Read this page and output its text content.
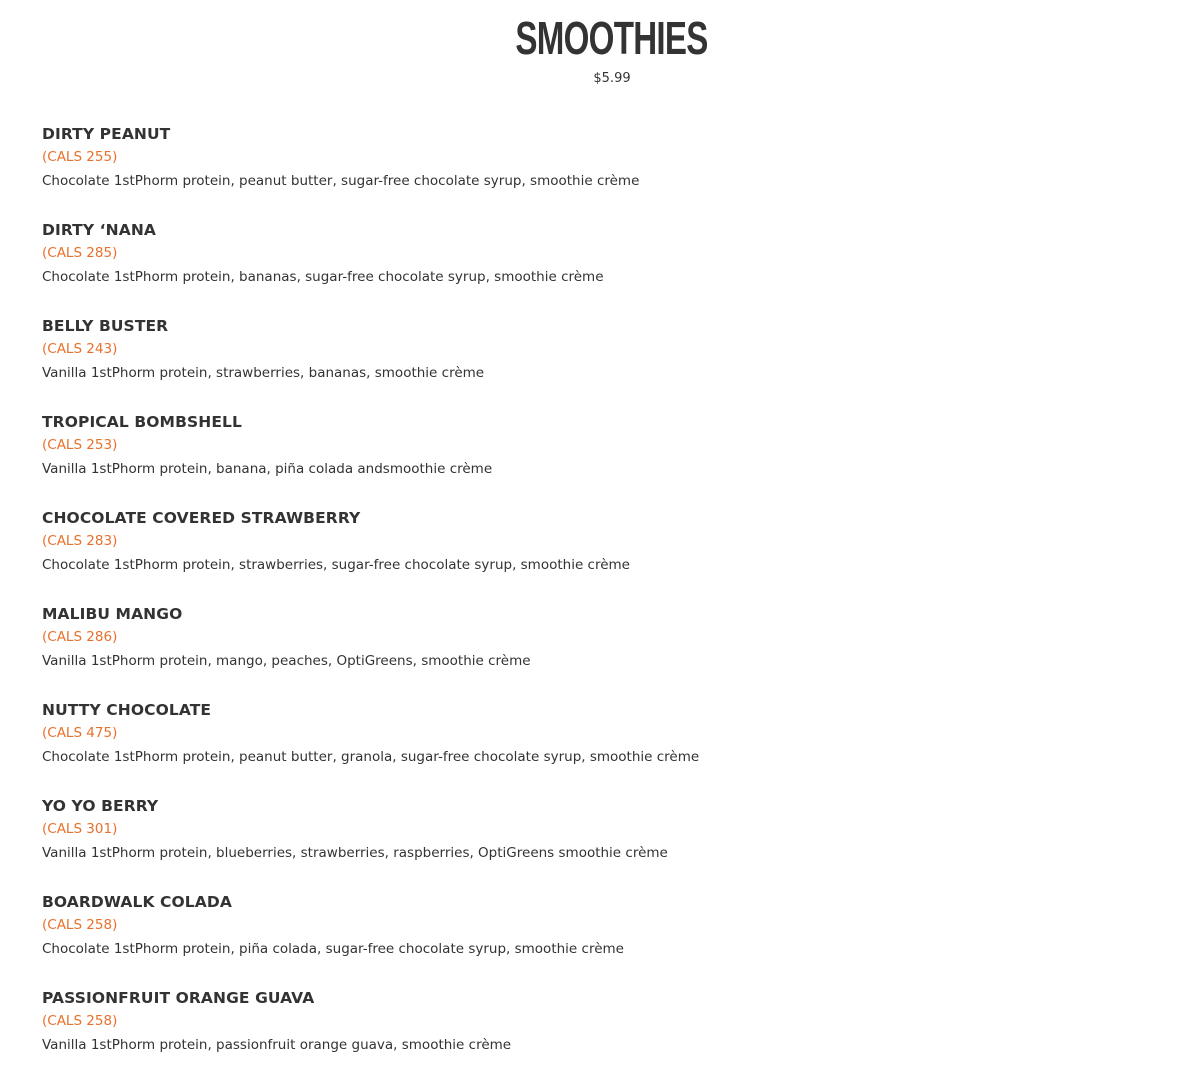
SMOOTHIES
$5.99
DIRTY PEANUT
(CALS 255)
Chocolate 1stPhorm protein, peanut butter, sugar-free chocolate syrup, smoothie crème
DIRTY ‘NANA
(CALS 285)
Chocolate 1stPhorm protein, bananas, sugar-free chocolate syrup, smoothie crème
BELLY BUSTER
(CALS 243)
Vanilla 1stPhorm protein, strawberries, bananas, smoothie crème
TROPICAL BOMBSHELL
(CALS 253)
Vanilla 1stPhorm protein, banana, piña colada andsmoothie crème
CHOCOLATE COVERED STRAWBERRY
(CALS 283)
Chocolate 1stPhorm protein, strawberries, sugar-free chocolate syrup, smoothie crème
MALIBU MANGO
(CALS 286)
Vanilla 1stPhorm protein, mango, peaches, OptiGreens, smoothie crème
NUTTY CHOCOLATE
(CALS 475)
Chocolate 1stPhorm protein, peanut butter, granola, sugar-free chocolate syrup, smoothie crème
YO YO BERRY
(CALS 301)
Vanilla 1stPhorm protein, blueberries, strawberries, raspberries, OptiGreens smoothie crème
BOARDWALK COLADA
(CALS 258)
Chocolate 1stPhorm protein, piña colada, sugar-free chocolate syrup, smoothie crème
PASSIONFRUIT ORANGE GUAVA
(CALS 258)
Vanilla 1stPhorm protein, passionfruit orange guava, smoothie crème
